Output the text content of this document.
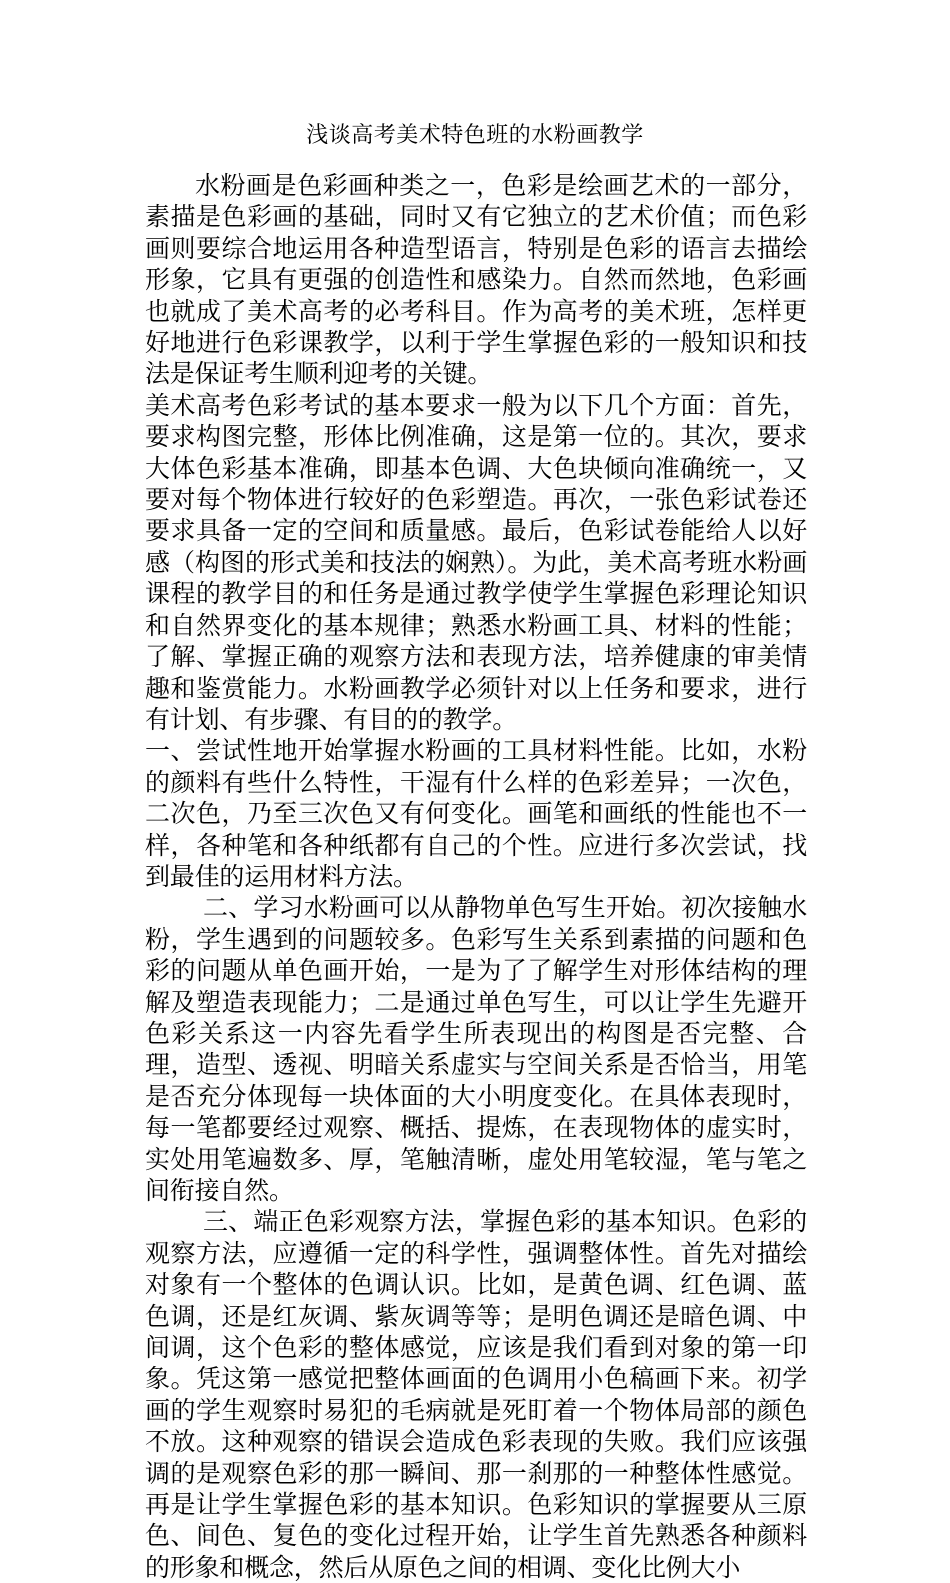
浅谈高考美术特色班的水粉画教学

水粉画是色彩画种类之一，色彩是绘画艺术的一部分，素描是色彩画的基础，同时又有它独立的艺术价值；而色彩画则要综合地运用各种造型语言，特别是色彩的语言去描绘形象，它具有更强的创造性和感染力。自然而然地，色彩画也就成了美术高考的必考科目。作为高考的美术班，怎样更好地进行色彩课教学，以利于学生掌握色彩的一般知识和技法是保证考生顺利迎考的关键。

美术高考色彩考试的基本要求一般为以下几个方面：首先，要求构图完整，形体比例准确，这是第一位的。其次，要求大体色彩基本准确，即基本色调、大色块倾向准确统一，又要对每个物体进行较好的色彩塑造。再次，一张色彩试卷还要求具备一定的空间和质量感。最后，色彩试卷能给人以好感（构图的形式美和技法的娴熟）。为此，美术高考班水粉画课程的教学目的和任务是通过教学使学生掌握色彩理论知识和自然界变化的基本规律；熟悉水粉画工具、材料的性能；了解、掌握正确的观察方法和表现方法，培养健康的审美情趣和鉴赏能力。水粉画教学必须针对以上任务和要求，进行有计划、有步骤、有目的的教学。

一、尝试性地开始掌握水粉画的工具材料性能。比如，水粉的颜料有些什么特性，干湿有什么样的色彩差异；一次色，二次色，乃至三次色又有何变化。画笔和画纸的性能也不一样，各种笔和各种纸都有自己的个性。应进行多次尝试，找到最佳的运用材料方法。

二、学习水粉画可以从静物单色写生开始。初次接触水粉，学生遇到的问题较多。色彩写生关系到素描的问题和色彩的问题从单色画开始，一是为了了解学生对形体结构的理解及塑造表现能力；二是通过单色写生，可以让学生先避开色彩关系这一内容先看学生所表现出的构图是否完整、合理，造型、透视、明暗关系虚实与空间关系是否恰当，用笔是否充分体现每一块体面的大小明度变化。在具体表现时，每一笔都要经过观察、概括、提炼，在表现物体的虚实时，实处用笔遍数多、厚，笔触清晰，虚处用笔较湿，笔与笔之间衔接自然。

三、端正色彩观察方法，掌握色彩的基本知识。色彩的观察方法，应遵循一定的科学性，强调整体性。首先对描绘对象有一个整体的色调认识。比如，是黄色调、红色调、蓝色调，还是红灰调、紫灰调等等；是明色调还是暗色调、中间调，这个色彩的整体感觉，应该是我们看到对象的第一印象。凭这第一感觉把整体画面的色调用小色稿画下来。初学画的学生观察时易犯的毛病就是死盯着一个物体局部的颜色不放。这种观察的错误会造成色彩表现的失败。我们应该强调的是观察色彩的那一瞬间、那一刹那的一种整体性感觉。再是让学生掌握色彩的基本知识。色彩知识的掌握要从三原色、间色、复色的变化过程开始，让学生首先熟悉各种颜料的形象和概念，然后从原色之间的相调、变化比例大小
